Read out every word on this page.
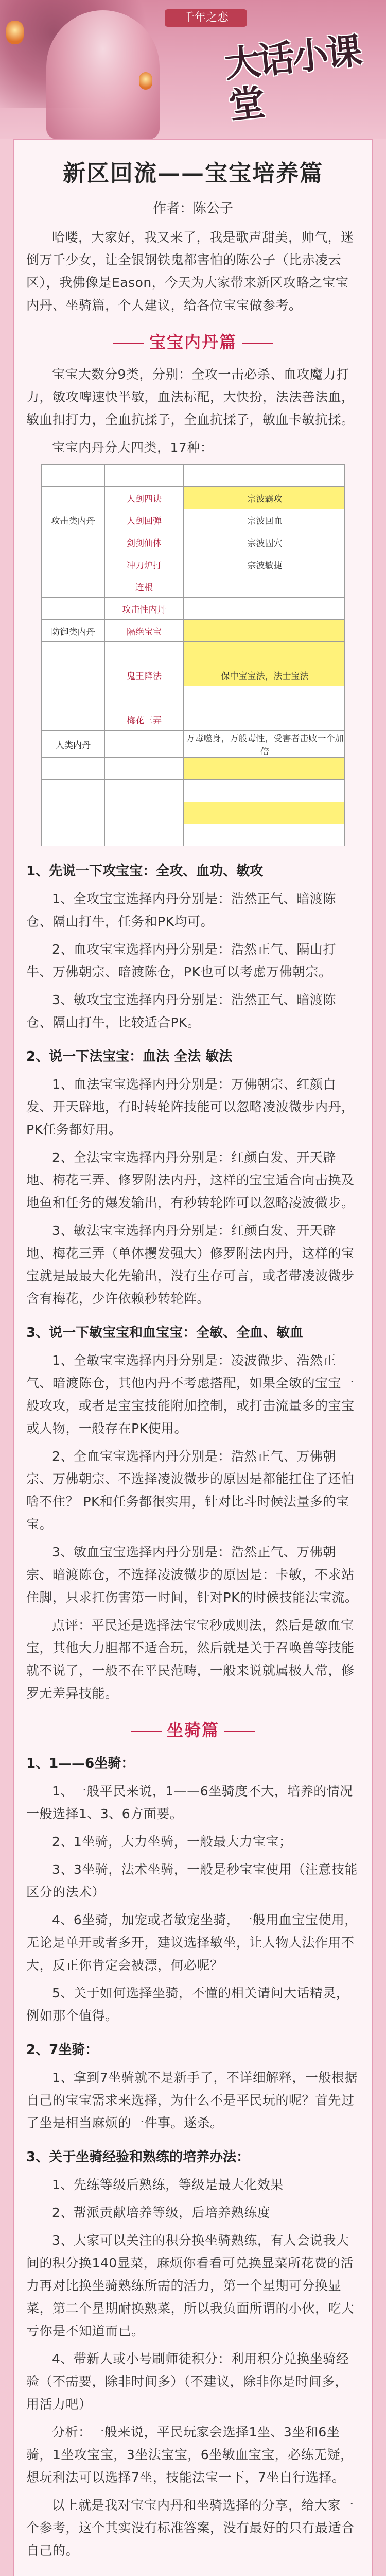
千年之恋
大话小课堂
新区回流——宝宝培养篇
作者：陈公子

哈喽，大家好，我又来了，我是歌声甜美，帅气，迷倒万千少女，让全银钢铁鬼都害怕的陈公子（比赤凌云区），我佛像是Eason，今天为大家带来新区攻略之宝宝内丹、坐骑篇，个人建议，给各位宝宝做参考。

宝宝内丹篇

宝宝大数分9类，分别：全攻一击必杀、血攻魔力打力，敏攻啤速快半敏，血法标配，大快扮，法法善法血，敏血扣打力，全血抗揉子，全血抗揉子，敏血卡敏抗揉。

宝宝内丹分大四类，17种：

	人剑四诀		宗波霸攻
攻击类内丹	人剑回弹		宗波回血
	剑剑仙体		宗波固穴
	冲刀炉打		宗波敏捷
	连根		
	攻击性内丹		
防御类内丹	隔绝宝宝		

	鬼王降法		保中宝宝法，法士宝法

	梅花三弄		
人类内丹			万毒噬身，万般毒性，受害者击败一个加倍

1、先说一下攻宝宝：全攻、血功、敏攻

1、全攻宝宝选择内丹分别是：浩然正气、暗渡陈仓、隔山打牛，任务和PK均可。

2、血攻宝宝选择内丹分别是：浩然正气、隔山打牛、万佛朝宗、暗渡陈仓，PK也可以考虑万佛朝宗。

3、敏攻宝宝选择内丹分别是：浩然正气、暗渡陈仓、隔山打牛，比较适合PK。

2、说一下法宝宝：血法 全法 敏法

1、血法宝宝选择内丹分别是：万佛朝宗、红颜白发、开天辟地，有时转轮阵技能可以忽略凌波微步内丹，PK任务都好用。

2、全法宝宝选择内丹分别是：红颜白发、开天辟地、梅花三弄、修罗附法内丹，这样的宝宝适合向击换及地鱼和任务的爆发输出，有秒转轮阵可以忽略凌波微步。

3、敏法宝宝选择内丹分别是：红颜白发、开天辟地、梅花三弄（单体攫发强大）修罗附法内丹，这样的宝宝就是最最大化先输出，没有生存可言，或者带凌波微步含有梅花，少许依赖秒转轮阵。

3、说一下敏宝宝和血宝宝：全敏、全血、敏血

1、全敏宝宝选择内丹分别是：凌波微步、浩然正气、暗渡陈仓，其他内丹不考虑搭配，如果全敏的宝宝一般攻攻，或者是宝宝技能附加控制，或打击流量多的宝宝或人物，一般存在PK使用。

2、全血宝宝选择内丹分别是：浩然正气、万佛朝宗、万佛朝宗、不选择凌波微步的原因是都能扛住了还怕啥不住？ PK和任务都很实用，针对比斗时候法量多的宝宝。

3、敏血宝宝选择内丹分别是：浩然正气、万佛朝宗、暗渡陈仓，不选择凌波微步的原因是：卡敏，不求站住脚，只求扛伤害第一时间，针对PK的时候技能法宝流。

点评：平民还是选择法宝宝秒成则法，然后是敏血宝宝，其他大力胆都不适合玩，然后就是关于召唤兽等技能就不说了，一般不在平民范畴，一般来说就属极人常，修罗无差异技能。

坐骑篇
1、1——6坐骑：

1、一般平民来说，1——6坐骑度不大，培养的情况一般选择1、3、6方面要。

2、1坐骑，大力坐骑，一般最大力宝宝；

3、3坐骑，法术坐骑，一般是秒宝宝使用（注意技能区分的法术）

4、6坐骑，加宠或者敏宠坐骑，一般用血宝宝使用，无论是单开或者多开，建议选择敏坐，让人物人法作用不大，反正你肯定会被漂，何必呢？

5、关于如何选择坐骑，不懂的相关请问大话精灵，例如那个值得。

2、7坐骑：

1、拿到7坐骑就不是新手了，不详细解释，一般根据自己的宝宝需求来选择，为什么不是平民玩的呢？首先过了坐是相当麻烦的一件事。遂杀。

3、关于坐骑经验和熟练的培养办法：

1、先练等级后熟练，等级是最大化效果

2、帮派贡献培养等级，后培养熟练度

3、大家可以关注的积分换坐骑熟练，有人会说我大间的积分换140显菜，麻烦你看看可兑换显菜所花费的活力再对比换坐骑熟练所需的活力，第一个星期可分换显菜，第二个星期耐换熟菜，所以我负面所谓的小伙，吃大亏你是不知道而已。

4、带新人或小号刷师徒积分：利用积分兑换坐骑经验（不需要，除非时间多）（不建议，除非你是时间多，用活力吧）

分析：一般来说，平民玩家会选择1坐、3坐和6坐骑，1坐攻宝宝，3坐法宝宝，6坐敏血宝宝，必练无疑，想玩利法可以选择7坐，技能法宝一下，7坐自行选择。

以上就是我对宝宝内丹和坐骑选择的分享，给大家一个参考，这个其实没有标准答案，没有最好的只有最适合自己的。
